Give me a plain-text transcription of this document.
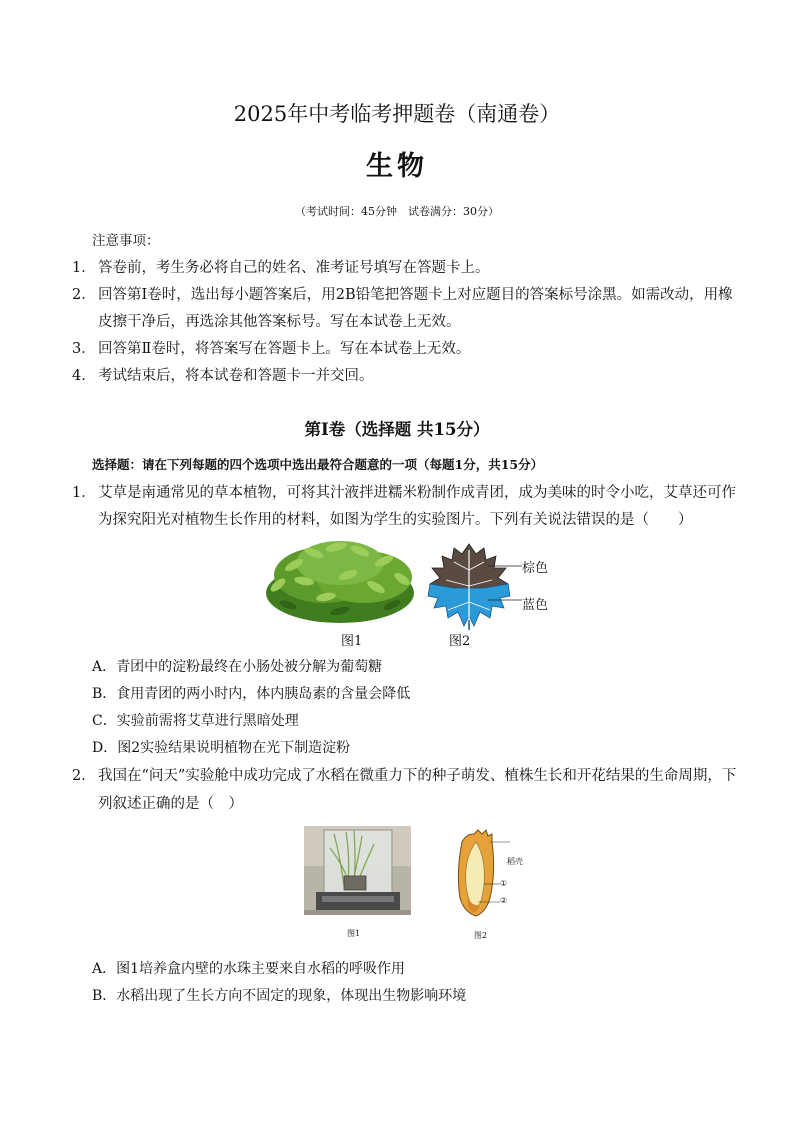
2025年中考临考押题卷（南通卷）
生物
（考试时间：45分钟　试卷满分：30分）
注意事项：
1． 答卷前，考生务必将自己的姓名、准考证号填写在答题卡上。
2． 回答第Ⅰ卷时，选出每小题答案后，用2B铅笔把答题卡上对应题目的答案标号涂黑。如需改动，用橡
皮擦干净后，再选涂其他答案标号。写在本试卷上无效。
3． 回答第Ⅱ卷时，将答案写在答题卡上。写在本试卷上无效。
4． 考试结束后，将本试卷和答题卡一并交回。
第Ⅰ卷（选择题 共15分）
选择题：请在下列每题的四个选项中选出最符合题意的一项（每题1分，共15分）
1． 艾草是南通常见的草本植物，可将其汁液拌进糯米粉制作成青团，成为美味的时令小吃，艾草还可作
为探究阳光对植物生长作用的材料，如图为学生的实验图片。下列有关说法错误的是（　　）
棕色
蓝色
图1	图2
A．青团中的淀粉最终在小肠处被分解为葡萄糖
B．食用青团的两小时内，体内胰岛素的含量会降低
C．实验前需将艾草进行黑暗处理
D．图2实验结果说明植物在光下制造淀粉
2． 我国在“问天”实验舱中成功完成了水稻在微重力下的种子萌发、植株生长和开花结果的生命周期，下
列叙述正确的是（　）
稻壳
①
②
图1	图2
A．图1培养盒内壁的水珠主要来自水稻的呼吸作用
B．水稻出现了生长方向不固定的现象，体现出生物影响环境
